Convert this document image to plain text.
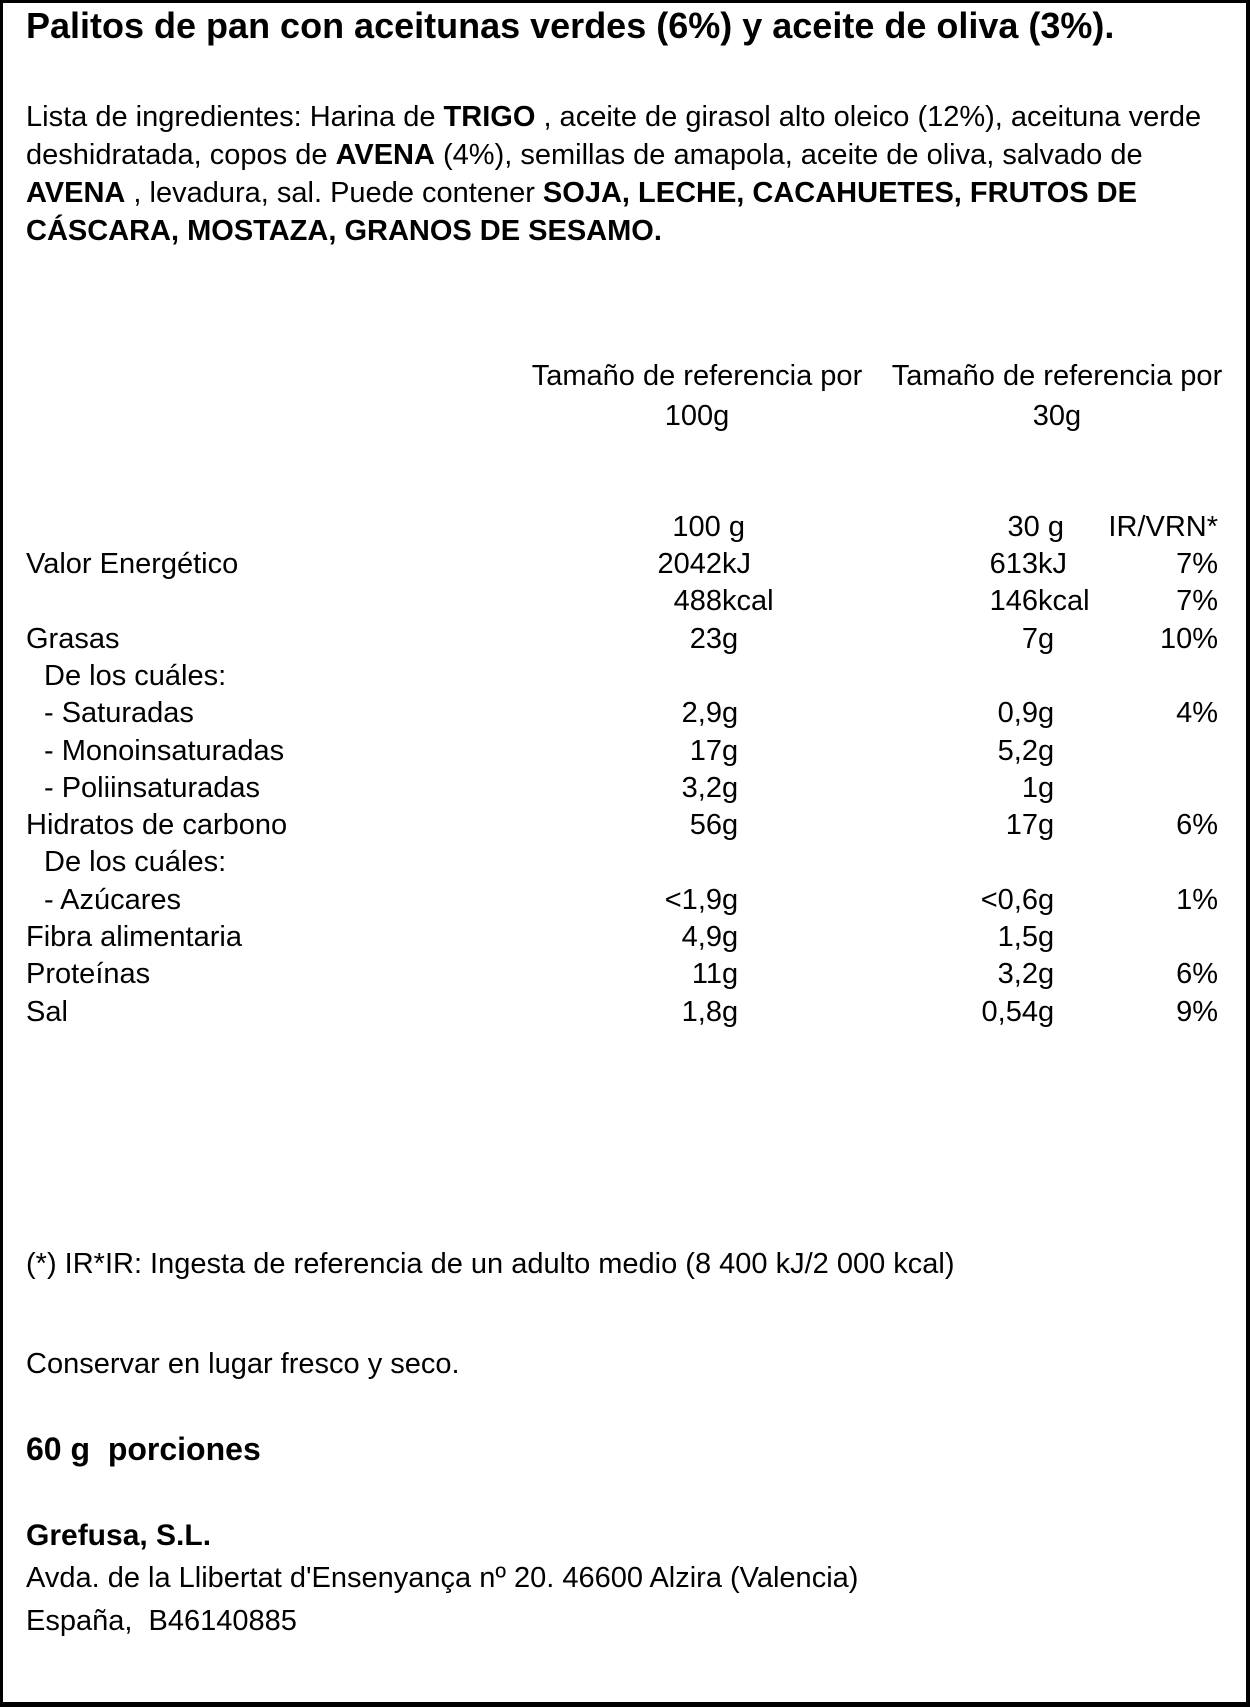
Palitos de pan con aceitunas verdes (6%) y aceite de oliva (3%).
Lista de ingredientes: Harina de TRIGO , aceite de girasol alto oleico (12%), aceituna verde deshidratada, copos de AVENA (4%), semillas de amapola, aceite de oliva, salvado de AVENA , levadura, sal. Puede contener SOJA, LECHE, CACAHUETES, FRUTOS DE CÁSCARA, MOSTAZA, GRANOS DE SESAMO.
Tamaño de referencia por 100g
Tamaño de referencia por 30g
100 g	30 g IR/VRN*
Valor Energético	2042 kJ	613 kJ	7%
488 kcal	146 kcal	7%
Grasas	23 g	7 g	10%
De los cuáles:
- Saturadas	2,9 g	0,9 g	4%
- Monoinsaturadas	17 g	5,2 g
- Poliinsaturadas	3,2 g	1 g
Hidratos de carbono	56 g	17 g	6%
De los cuáles:
- Azúcares	<1,9 g	<0,6 g	1%
Fibra alimentaria	4,9 g	1,5 g
Proteínas	11 g	3,2 g	6%
Sal	1,8 g	0,54 g	9%
(*) IR*IR: Ingesta de referencia de un adulto medio (8 400 kJ/2 000 kcal)
Conservar en lugar fresco y seco.
60 g  porciones
Grefusa, S.L.
Avda. de la Llibertat d'Ensenyança nº 20. 46600 Alzira (Valencia)
España,  B46140885
